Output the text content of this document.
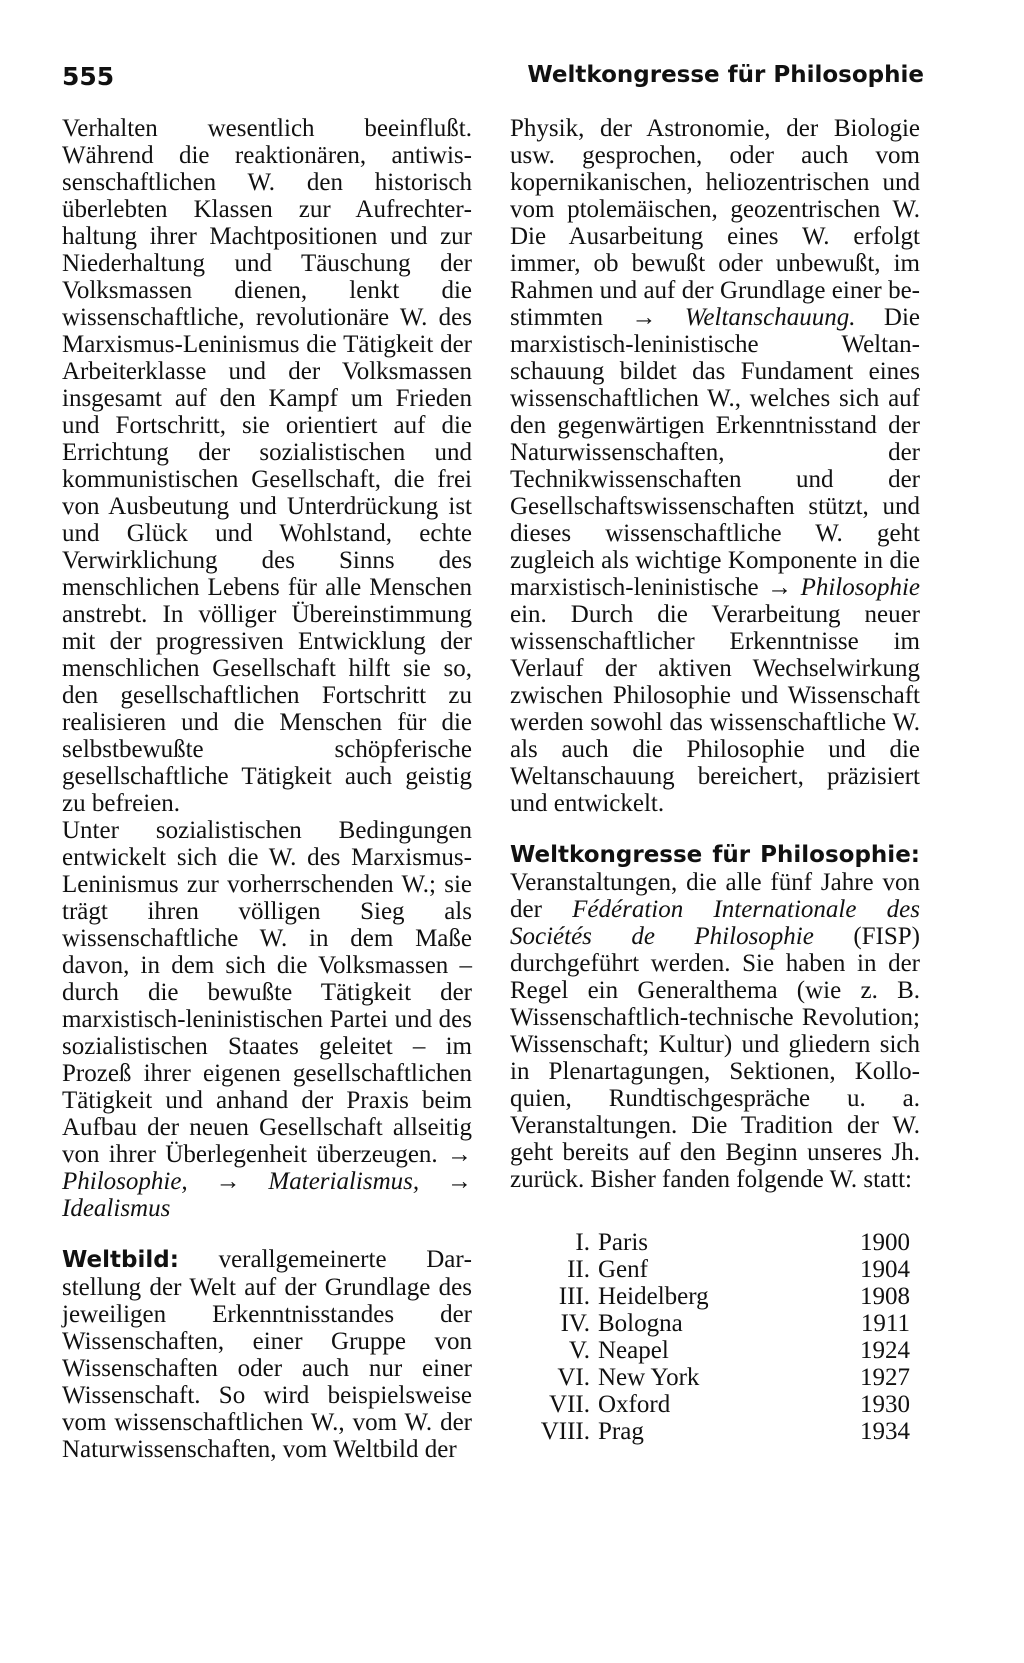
555	Weltkongresse für Philosophie

Verhalten wesentlich beeinflußt. Während die reaktionären, antiwissenschaftlichen W. den historisch überlebten Klassen zur Aufrechterhaltung ihrer Machtpositionen und zur Niederhaltung und Täuschung der Volksmassen dienen, lenkt die wissenschaftliche, revolutionäre W. des Marxismus-Leninismus die Tätigkeit der Arbeiterklasse und der Volksmassen insgesamt auf den Kampf um Frieden und Fortschritt, sie orientiert auf die Errichtung der sozialistischen und kommunistischen Gesellschaft, die frei von Ausbeutung und Unterdrückung ist und Glück und Wohlstand, echte Verwirklichung des Sinns des menschlichen Lebens für alle Menschen anstrebt. In völliger Übereinstimmung mit der progressiven Entwicklung der menschlichen Gesellschaft hilft sie so, den gesellschaftlichen Fortschritt zu realisieren und die Menschen für die selbstbewußte schöpferische gesellschaftliche Tätigkeit auch geistig zu befreien.

Unter sozialistischen Bedingungen entwickelt sich die W. des Marxismus-Leninismus zur vorherrschenden W.; sie trägt ihren völligen Sieg als wissenschaftliche W. in dem Maße davon, in dem sich die Volksmassen – durch die bewußte Tätigkeit der marxistisch-leninistischen Partei und des sozialistischen Staates geleitet – im Prozeß ihrer eigenen gesellschaftlichen Tätigkeit und anhand der Praxis beim Aufbau der neuen Gesellschaft allseitig von ihrer Überlegenheit überzeugen. → Philosophie, → Materialismus, → Idealismus

Weltbild: verallgemeinerte Darstellung der Welt auf der Grundlage des jeweiligen Erkenntnisstandes der Wissenschaften, einer Gruppe von Wissenschaften oder auch nur einer Wissenschaft. So wird beispielsweise vom wissenschaftlichen W., vom W. der Naturwissenschaften, vom Weltbild der

Physik, der Astronomie, der Biologie usw. gesprochen, oder auch vom kopernikanischen, heliozentrischen und vom ptolemäischen, geozentrischen W. Die Ausarbeitung eines W. erfolgt immer, ob bewußt oder unbewußt, im Rahmen und auf der Grundlage einer bestimmten → Weltanschauung. Die marxistisch-leninistische Weltanschauung bildet das Fundament eines wissenschaftlichen W., welches sich auf den gegenwärtigen Erkenntnisstand der Naturwissenschaften, der Technikwissenschaften und der Gesellschaftswissenschaften stützt, und dieses wissenschaftliche W. geht zugleich als wichtige Komponente in die marxistisch-leninistische → Philosophie ein. Durch die Verarbeitung neuer wissenschaftlicher Erkenntnisse im Verlauf der aktiven Wechselwirkung zwischen Philosophie und Wissenschaft werden sowohl das wissenschaftliche W. als auch die Philosophie und die Weltanschauung bereichert, präzisiert und entwickelt.

Weltkongresse für Philosophie: Veranstaltungen, die alle fünf Jahre von der Fédération Internationale des Sociétés de Philosophie (FISP) durchgeführt werden. Sie haben in der Regel ein Generalthema (wie z. B. Wissenschaftlich-technische Revolution; Wissenschaft; Kultur) und gliedern sich in Plenartagungen, Sektionen, Kolloquien, Rundtischgespräche u. a. Veranstaltungen. Die Tradition der W. geht bereits auf den Beginn unseres Jh. zurück. Bisher fanden folgende W. statt:

I.	Paris	1900
II.	Genf	1904
III.	Heidelberg	1908
IV.	Bologna	1911
V.	Neapel	1924
VI.	New York	1927
VII.	Oxford	1930
VIII.	Prag	1934
